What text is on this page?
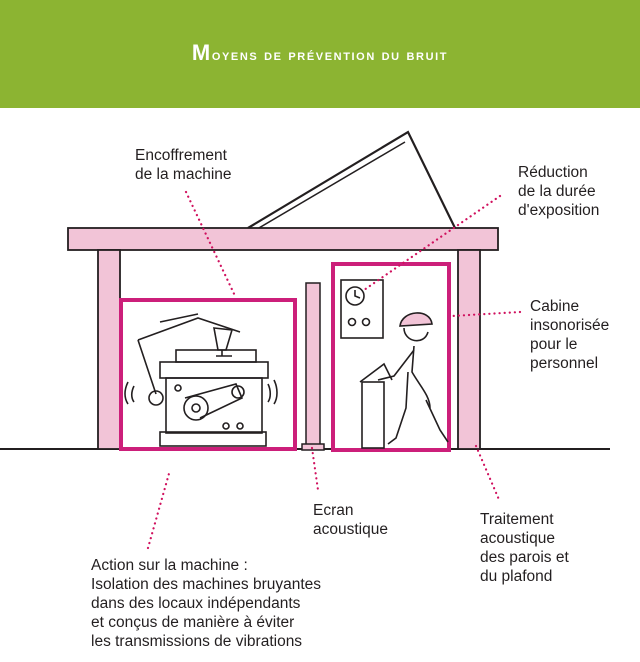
Moyens de prévention du bruit
Encoffrement
de la machine	Réduction
de la durée
d'exposition
Cabine
insonorisée
pour le
personnel
Ecran
acoustique
Traitement
acoustique
des parois et
du plafond
Action sur la machine :
Isolation des machines bruyantes
dans des locaux indépendants
et conçus de manière à éviter
les transmissions de vibrations
